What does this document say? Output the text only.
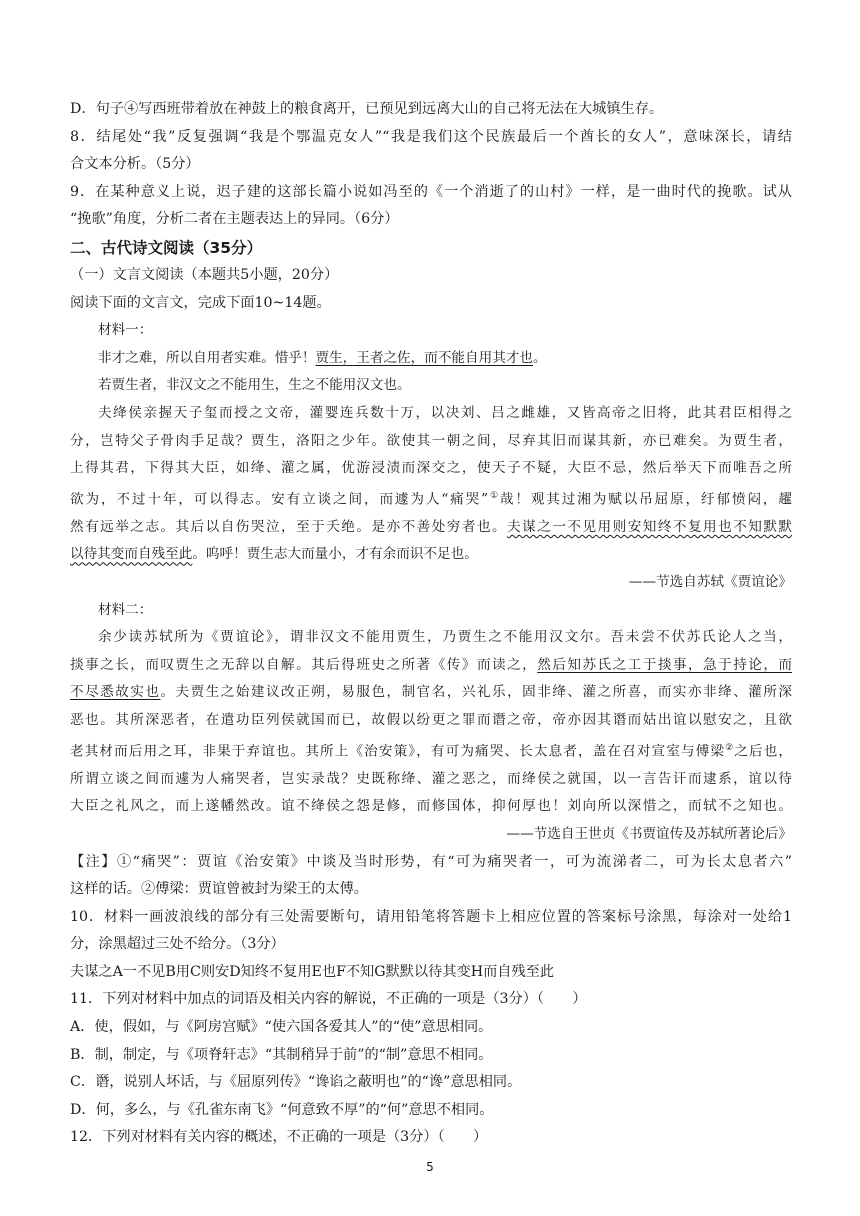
D．句子④写西班带着放在神鼓上的粮食离开，已预见到远离大山的自己将无法在大城镇生存。
8．结尾处“我”反复强调“我是个鄂温克女人”“我是我们这个民族最后一个酋长的女人”，意味深长，请结
合文本分析。（5分）
9．在某种意义上说，迟子建的这部长篇小说如冯至的《一个消逝了的山村》一样，是一曲时代的挽歌。试从
“挽歌”角度，分析二者在主题表达上的异同。（6分）
二、古代诗文阅读（35分）
（一）文言文阅读（本题共5小题，20分）
阅读下面的文言文，完成下面10~14题。
材料一：
非才之难，所以自用者实难。惜乎！贾生，王者之佐，而不能自用其才也。
若贾生者，非汉文之不能用生，生之不能用汉文也。
夫绛侯亲握天子玺而授之文帝，灌婴连兵数十万，以决刘、吕之雌雄，又皆高帝之旧将，此其君臣相得之
分，岂特父子骨肉手足哉？贾生，洛阳之少年。欲使其一朝之间，尽弃其旧而谋其新，亦已难矣。为贾生者，
上得其君，下得其大臣，如绛、灌之属，优游浸渍而深交之，使天子不疑，大臣不忌，然后举天下而唯吾之所
欲为，不过十年，可以得志。安有立谈之间，而遽为人“痛哭”①哉！观其过湘为赋以吊屈原，纡郁愤闷，趯
然有远举之志。其后以自伤哭泣，至于夭绝。是亦不善处穷者也。夫谋之一不见用则安知终不复用也不知默默
以待其变而自残至此。呜呼！贾生志大而量小，才有余而识不足也。
——节选自苏轼《贾谊论》
材料二：
余少读苏轼所为《贾谊论》，谓非汉文不能用贾生，乃贾生之不能用汉文尔。吾未尝不伏苏氏论人之当，
掞事之长，而叹贾生之无辞以自解。其后得班史之所著《传》而读之，然后知苏氏之工于掞事，急于持论，而
不尽悉故实也。夫贾生之始建议改正朔，易服色，制官名，兴礼乐，固非绛、灌之所喜，而实亦非绛、灌所深
恶也。其所深恶者，在遣功臣列侯就国而已，故假以纷更之罪而谮之帝，帝亦因其谮而姑出谊以慰安之，且欲
老其材而后用之耳，非果于弃谊也。其所上《治安策》，有可为痛哭、长太息者，盖在召对宣室与傅梁②之后也，
所谓立谈之间而遽为人痛哭者，岂实录哉？史既称绛、灌之恶之，而绛侯之就国，以一言告讦而逮系，谊以待
大臣之礼风之，而上遂幡然改。谊不绛侯之怨是修，而修国体，抑何厚也！刘向所以深惜之，而轼不之知也。
——节选自王世贞《书贾谊传及苏轼所著论后》
【注】①“痛哭”：贾谊《治安策》中谈及当时形势，有“可为痛哭者一，可为流涕者二，可为长太息者六”
这样的话。②傅梁：贾谊曾被封为梁王的太傅。
10．材料一画波浪线的部分有三处需要断句，请用铅笔将答题卡上相应位置的答案标号涂黑，每涂对一处给1
分，涂黑超过三处不给分。（3分）
夫谋之A一不见B用C则安D知终不复用E也F不知G默默以待其变H而自残至此
11．下列对材料中加点的词语及相关内容的解说，不正确的一项是（3分）（　　）
A．使，假如，与《阿房宫赋》“使六国各爱其人”的“使”意思相同。
B．制，制定，与《项脊轩志》“其制稍异于前”的“制”意思不相同。
C．谮，说别人坏话，与《屈原列传》“谗谄之蔽明也”的“谗”意思相同。
D．何，多么，与《孔雀东南飞》“何意致不厚”的“何”意思不相同。
12．下列对材料有关内容的概述，不正确的一项是（3分）（　　）
5
